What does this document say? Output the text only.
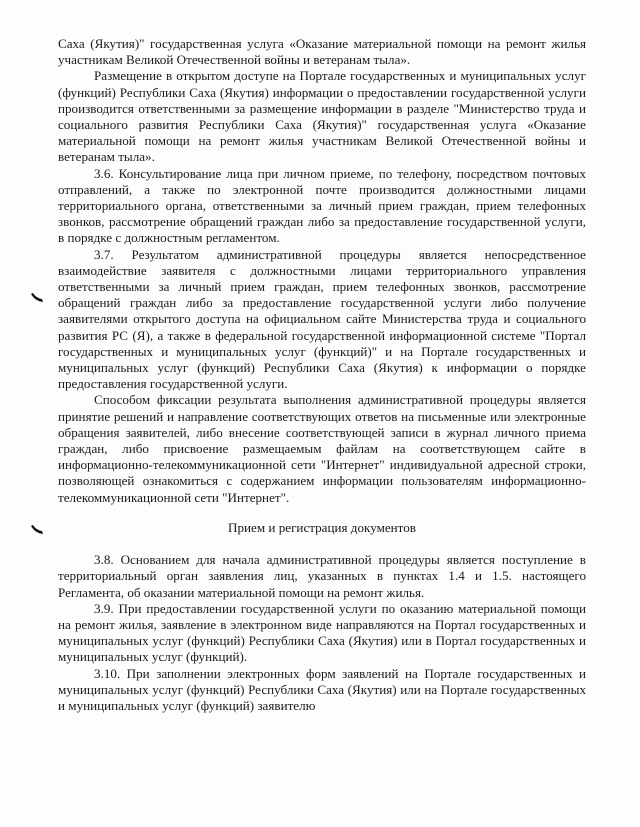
Саха (Якутия)" государственная услуга «Оказание материальной помощи на ремонт жилья участникам Великой Отечественной войны и ветеранам тыла».

Размещение в открытом доступе на Портале государственных и муниципальных услуг (функций) Республики Саха (Якутия) информации о предоставлении государственной услуги производится ответственными за размещение информации в разделе "Министерство труда и социального развития Республики Саха (Якутия)" государственная услуга «Оказание материальной помощи на ремонт жилья участникам Великой Отечественной войны и ветеранам тыла».

3.6. Консультирование лица при личном приеме, по телефону, посредством почтовых отправлений, а также по электронной почте производится должностными лицами территориального органа, ответственными за личный прием граждан, прием телефонных звонков, рассмотрение обращений граждан либо за предоставление государственной услуги, в порядке с должностным регламентом.

3.7. Результатом административной процедуры является непосредственное взаимодействие заявителя с должностными лицами территориального управления ответственными за личный прием граждан, прием телефонных звонков, рассмотрение обращений граждан либо за предоставление государственной услуги либо получение заявителями открытого доступа на официальном сайте Министерства труда и социального развития РС (Я), а также в федеральной государственной информационной системе "Портал государственных и муниципальных услуг (функций)" и на Портале государственных и муниципальных услуг (функций) Республики Саха (Якутия) к информации о порядке предоставления государственной услуги.

Способом фиксации результата выполнения административной процедуры является принятие решений и направление соответствующих ответов на письменные или электронные обращения заявителей, либо внесение соответствующей записи в журнал личного приема граждан, либо присвоение размещаемым файлам на соответствующем сайте в информационно-телекоммуникационной сети "Интернет" индивидуальной адресной строки, позволяющей ознакомиться с содержанием информации пользователям информационно-телекоммуникационной сети "Интернет".

Прием и регистрация документов

3.8. Основанием для начала административной процедуры является поступление в территориальный орган заявления лиц, указанных в пунктах 1.4 и 1.5. настоящего Регламента, об оказании материальной помощи на ремонт жилья.

3.9. При предоставлении государственной услуги по оказанию материальной помощи на ремонт жилья, заявление в электронном виде направляются на Портал государственных и муниципальных услуг (функций) Республики Саха (Якутия) или в Портал государственных и муниципальных услуг (функций).

3.10. При заполнении электронных форм заявлений на Портале государственных и муниципальных услуг (функций) Республики Саха (Якутия) или на Портале государственных и муниципальных услуг (функций) заявителю
